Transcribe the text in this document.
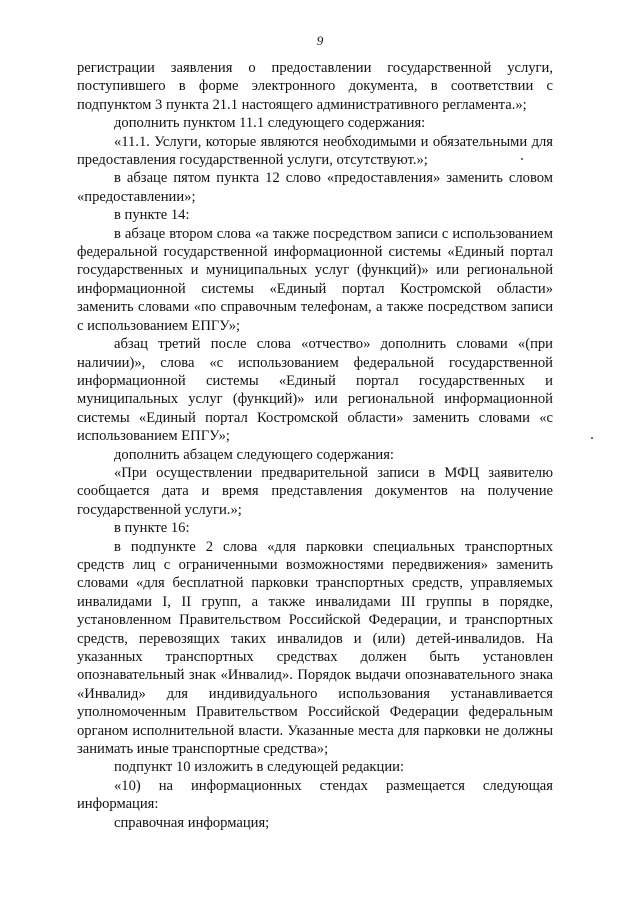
9

регистрации заявления о предоставлении государственной услуги, поступившего в форме электронного документа, в соответствии с подпунктом 3 пункта 21.1 настоящего административного регламента.»;

дополнить пунктом 11.1 следующего содержания:

«11.1. Услуги, которые являются необходимыми и обязательными для предоставления государственной услуги, отсутствуют.»;

в абзаце пятом пункта 12 слово «предоставления» заменить словом «предоставлении»;

в пункте 14:

в абзаце втором слова «а также посредством записи с использованием федеральной государственной информационной системы «Единый портал государственных и муниципальных услуг (функций)» или региональной информационной системы «Единый портал Костромской области» заменить словами «по справочным телефонам, а также посредством записи с использованием ЕПГУ»;

абзац третий после слова «отчество» дополнить словами «(при наличии)», слова «с использованием федеральной государственной информационной системы «Единый портал государственных и муниципальных услуг (функций)» или региональной информационной системы «Единый портал Костромской области» заменить словами «с использованием ЕПГУ»;

дополнить абзацем следующего содержания:

«При осуществлении предварительной записи в МФЦ заявителю сообщается дата и время представления документов на получение государственной услуги.»;

в пункте 16:

в подпункте 2 слова «для парковки специальных транспортных средств лиц с ограниченными возможностями передвижения» заменить словами «для бесплатной парковки транспортных средств, управляемых инвалидами I, II групп, а также инвалидами III группы в порядке, установленном Правительством Российской Федерации, и транспортных средств, перевозящих таких инвалидов и (или) детей-инвалидов. На указанных транспортных средствах должен быть установлен опознавательный знак «Инвалид». Порядок выдачи опознавательного знака «Инвалид» для индивидуального использования устанавливается уполномоченным Правительством Российской Федерации федеральным органом исполнительной власти. Указанные места для парковки не должны занимать иные транспортные средства»;

подпункт 10 изложить в следующей редакции:

«10) на информационных стендах размещается следующая информация:

справочная информация;
